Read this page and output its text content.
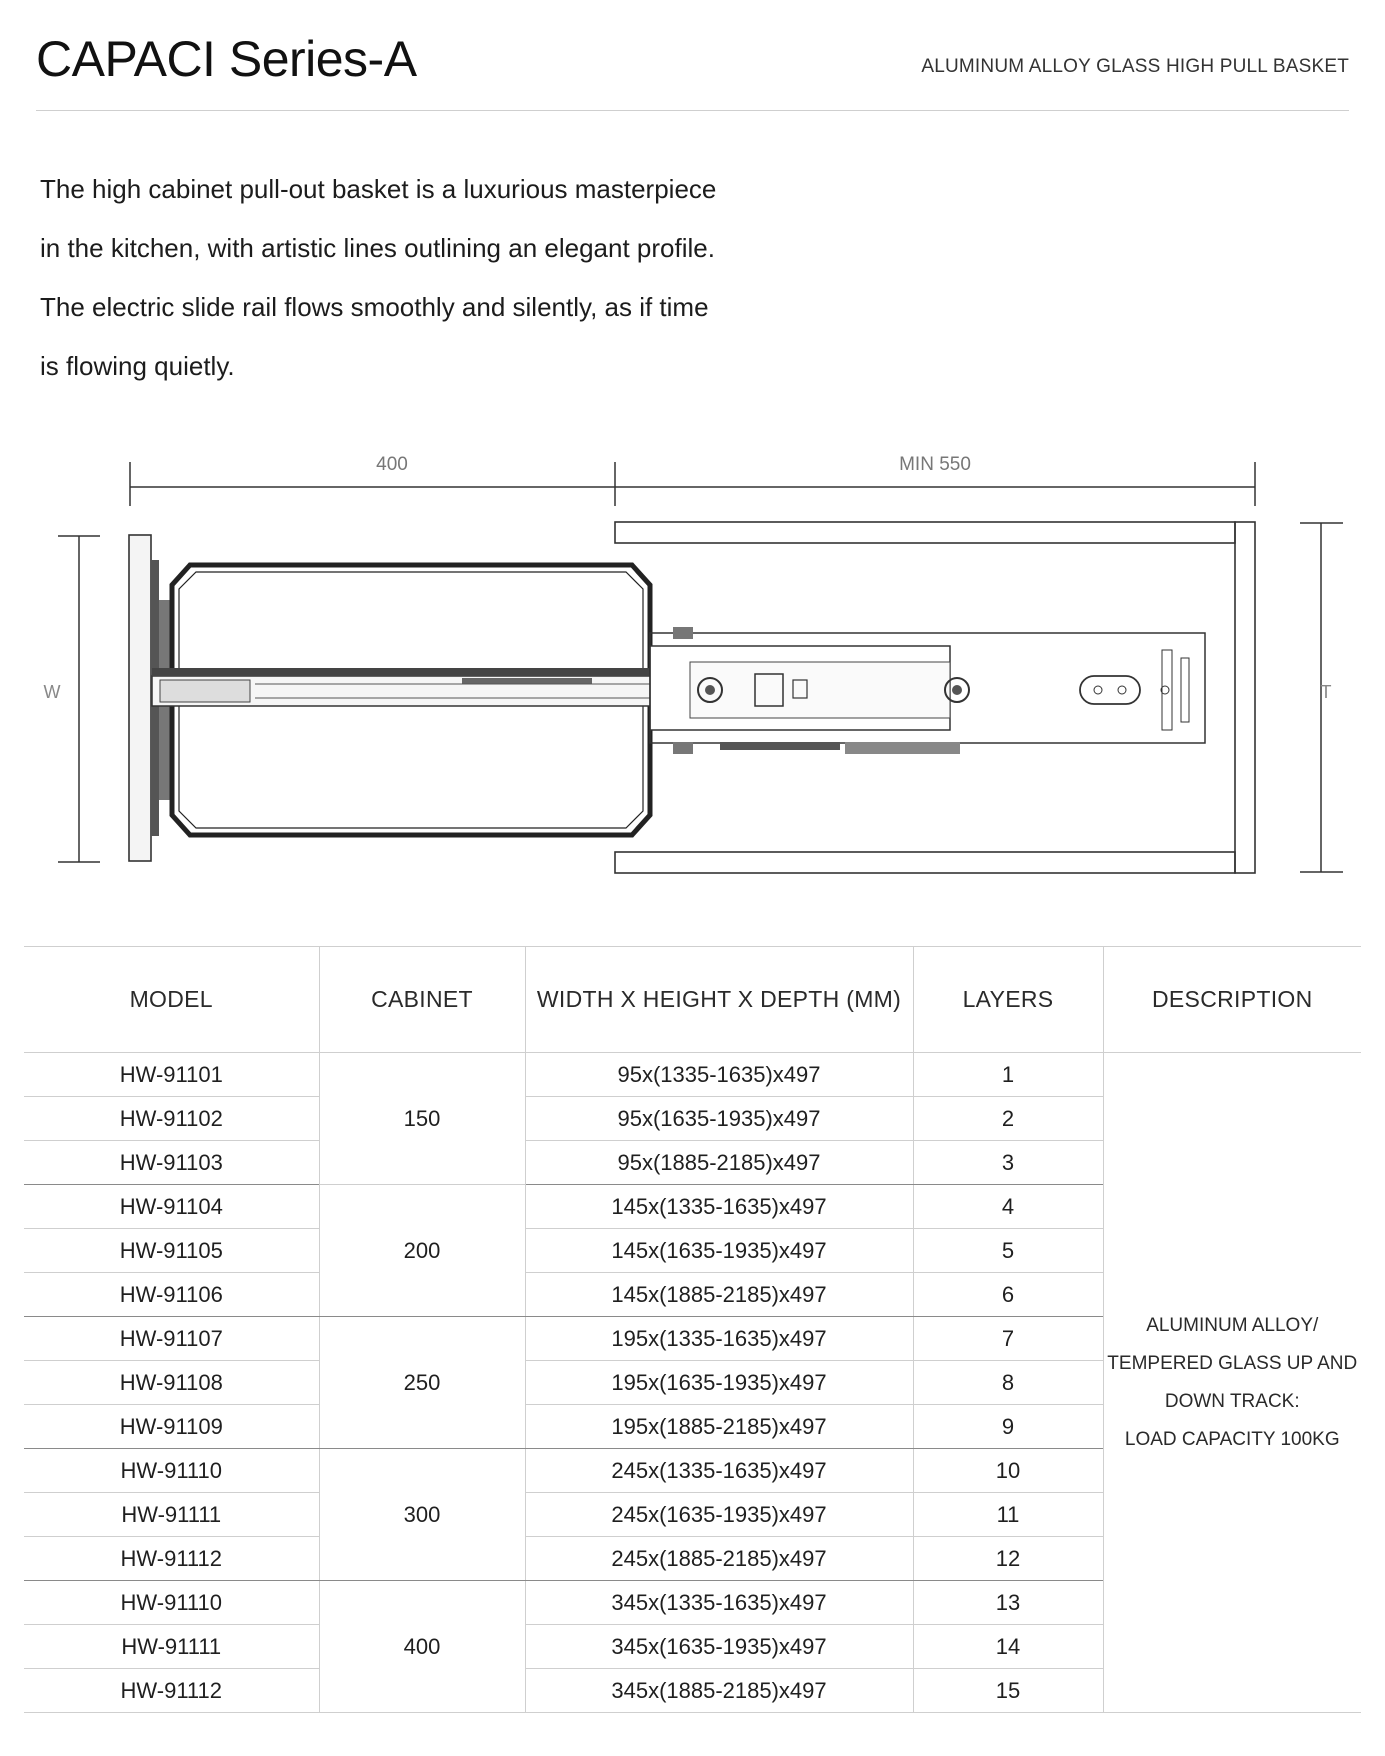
CAPACI Series-A	ALUMINUM ALLOY GLASS HIGH PULL BASKET
The high cabinet pull-out basket is a luxurious masterpiece
in the kitchen, with artistic lines outlining an elegant profile.
The electric slide rail flows smoothly and silently, as if time
is flowing quietly.
400	MIN 550
W	T
MODEL	CABINET	WIDTH X HEIGHT X DEPTH (MM)	LAYERS	DESCRIPTION
HW-91101	150	95x(1335-1635)x497	1	ALUMINUM ALLOY/
TEMPERED GLASS UP AND
DOWN TRACK:
LOAD CAPACITY 100KG

HW-91102		95x(1635-1935)x497	2	
HW-91103		95x(1885-2185)x497	3	
HW-91104	200	145x(1335-1635)x497	4	
HW-91105		145x(1635-1935)x497	5	
HW-91106		145x(1885-2185)x497	6	
HW-91107	250	195x(1335-1635)x497	7	
HW-91108		195x(1635-1935)x497	8	
HW-91109		195x(1885-2185)x497	9	
HW-91110	300	245x(1335-1635)x497	10	
HW-91111		245x(1635-1935)x497	11	
HW-91112		245x(1885-2185)x497	12	
HW-91110	400	345x(1335-1635)x497	13	
HW-91111		345x(1635-1935)x497	14	
HW-91112		345x(1885-2185)x497	15	
